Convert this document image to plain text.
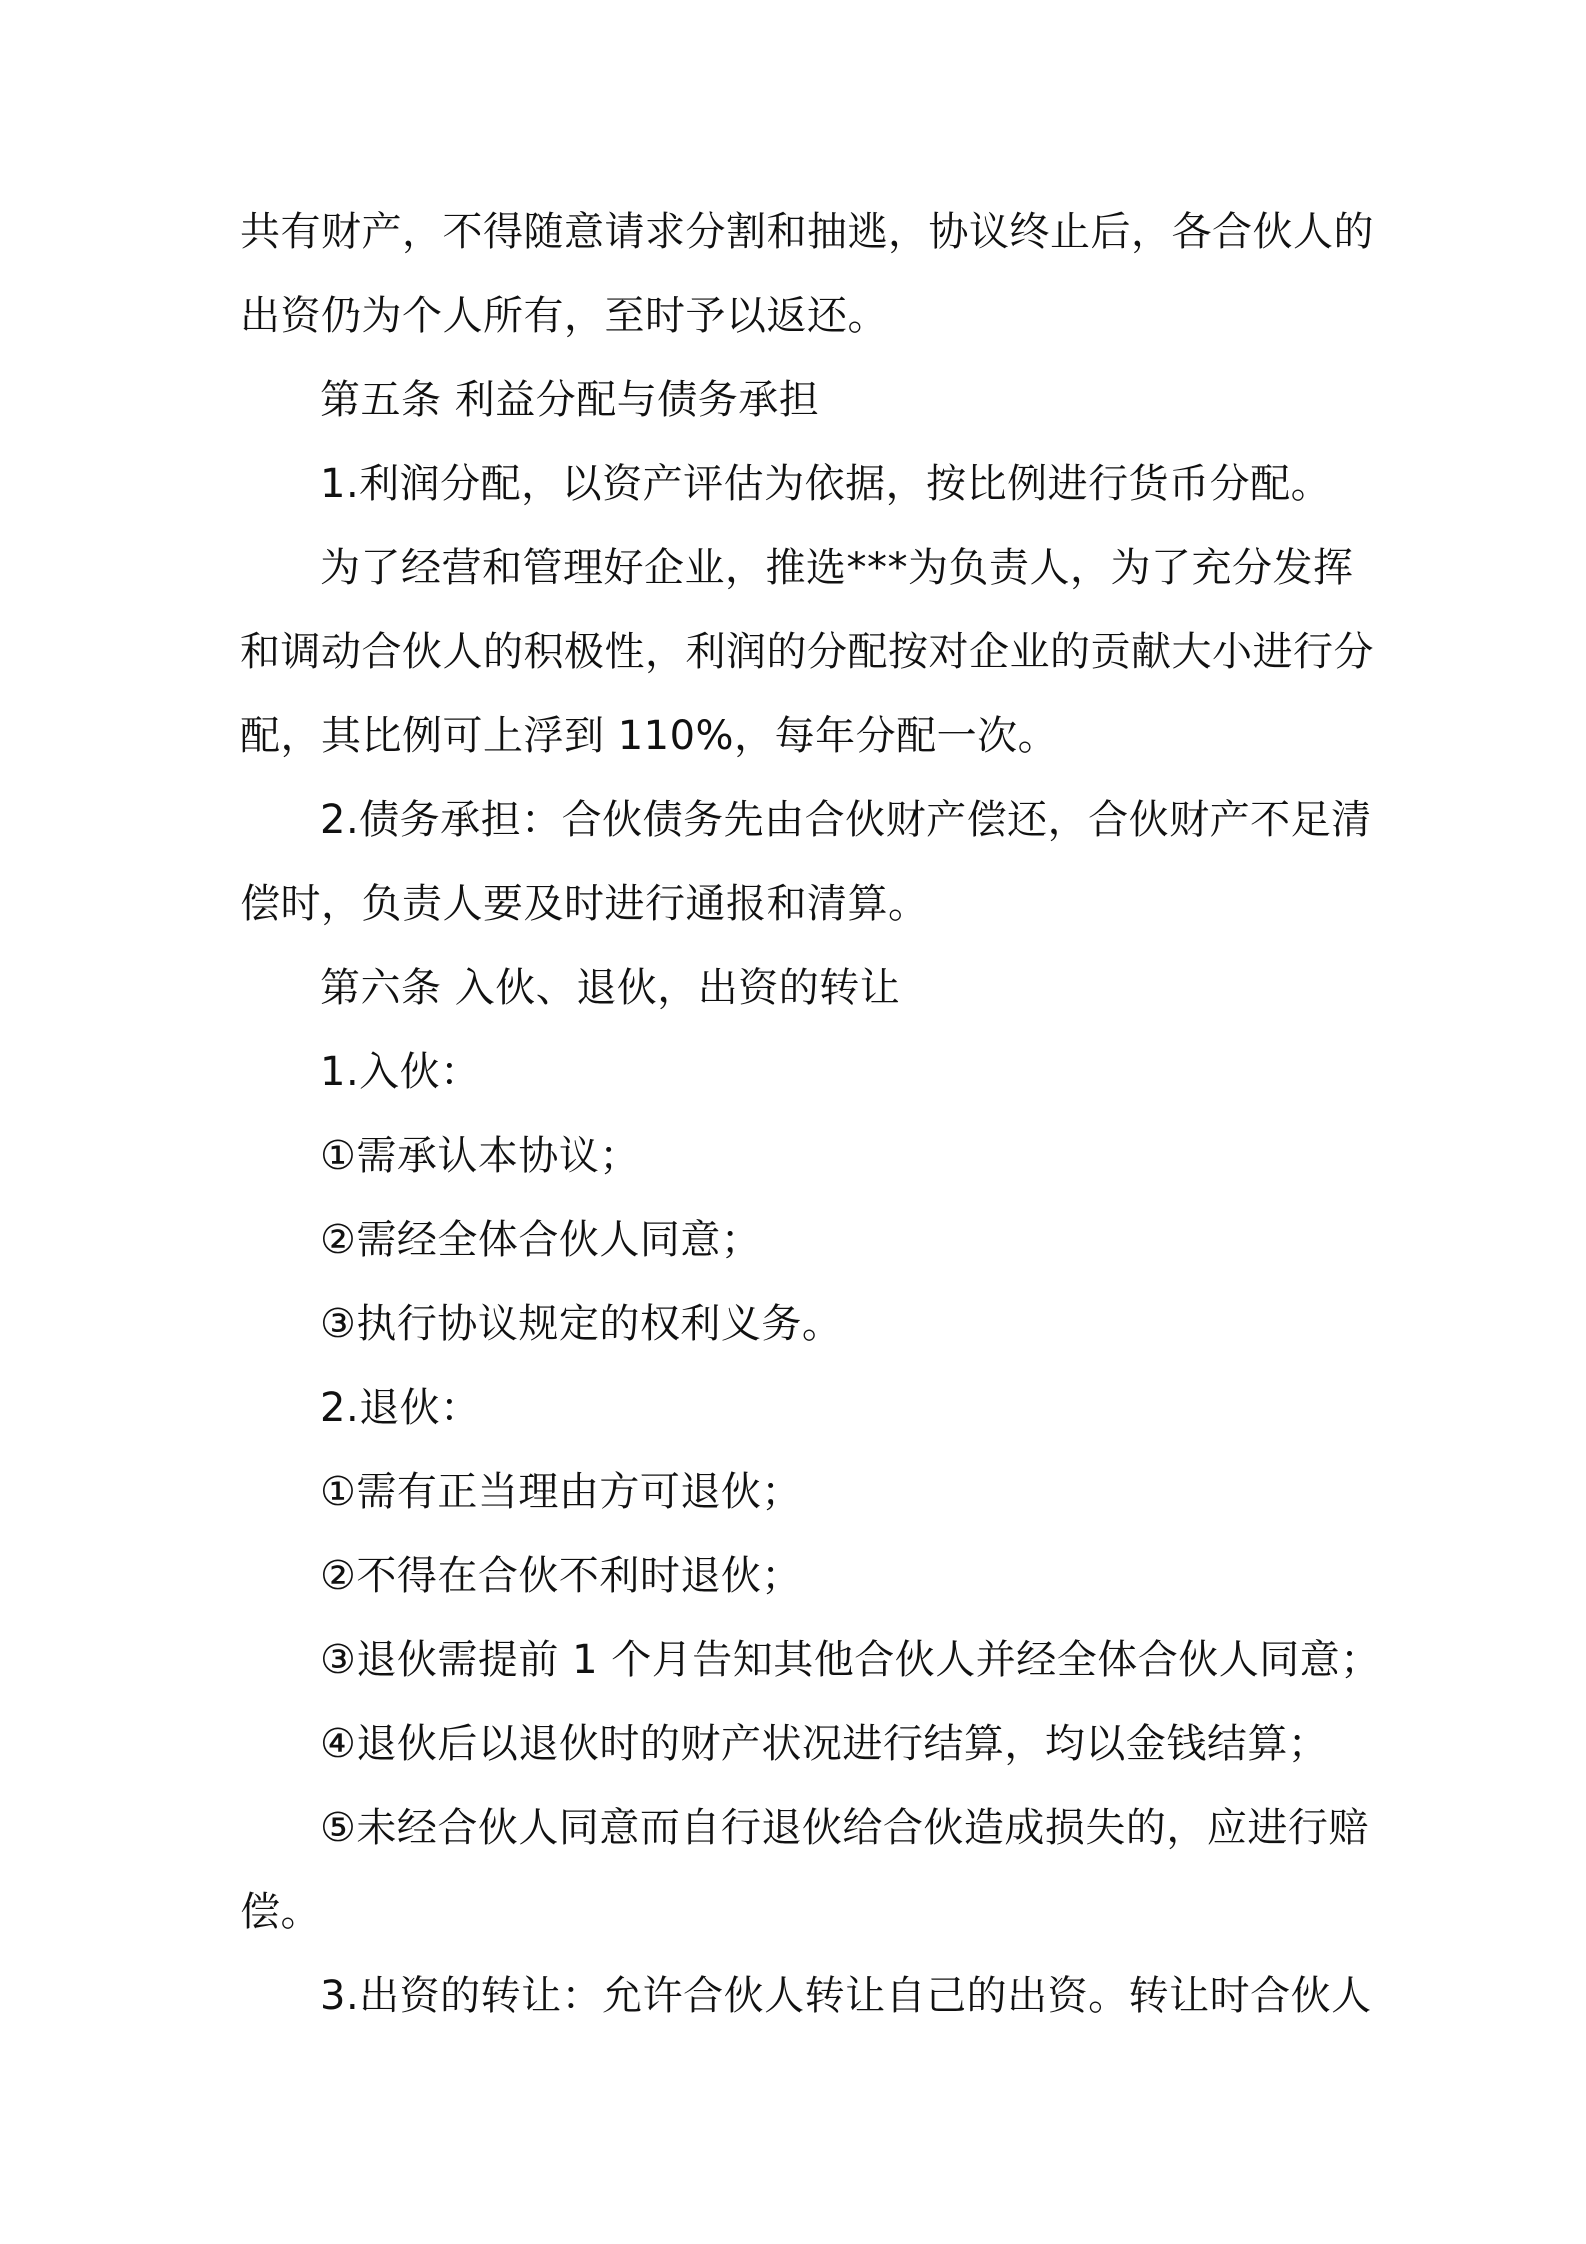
共有财产，不得随意请求分割和抽逃，协议终止后，各合伙人的
出资仍为个人所有，至时予以返还。
第五条 利益分配与债务承担
1.利润分配，以资产评估为依据，按比例进行货币分配。
为了经营和管理好企业，推选***为负责人，为了充分发挥
和调动合伙人的积极性，利润的分配按对企业的贡献大小进行分
配，其比例可上浮到 110%，每年分配一次。
2.债务承担：合伙债务先由合伙财产偿还，合伙财产不足清
偿时，负责人要及时进行通报和清算。
第六条 入伙、退伙，出资的转让
1.入伙：
①需承认本协议；
②需经全体合伙人同意；
③执行协议规定的权利义务。
2.退伙：
①需有正当理由方可退伙；
②不得在合伙不利时退伙；
③退伙需提前 1 个月告知其他合伙人并经全体合伙人同意；
④退伙后以退伙时的财产状况进行结算，均以金钱结算；
⑤未经合伙人同意而自行退伙给合伙造成损失的，应进行赔
偿。
3.出资的转让：允许合伙人转让自己的出资。转让时合伙人
